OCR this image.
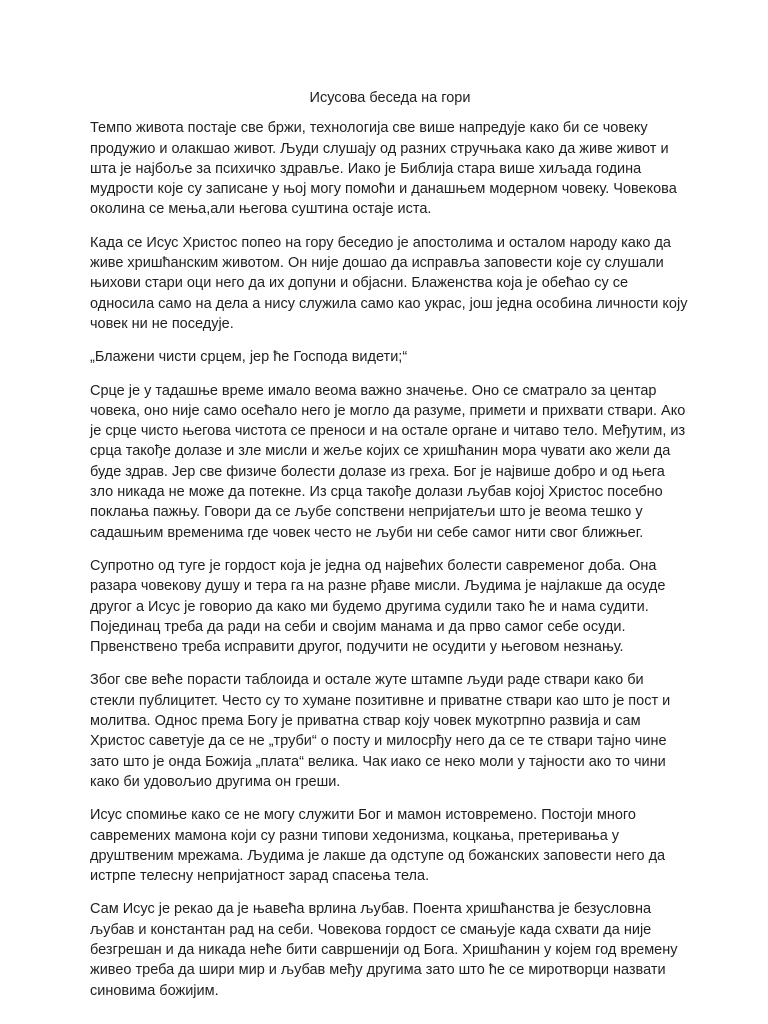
Исусова беседа на гори

Темпо живота постаје све бржи, технологија све више напредује како би се човеку продужио и олакшао живот. Људи слушају од разних стручњака како да живе живот и шта је најбоље за психичко здравље. Иако је Библија стара више хиљада година мудрости које су записане у њој могу помоћи и данашњем модерном човеку. Човекова околина се мења,али његова суштина остаје иста.

Када се Исус Христос попео на гору беседио је апостолима и осталом народу како да живе хришћанским животом. Он није дошао да исправља заповести које су слушали њихови стари оци него да их допуни и објасни. Блаженства која је обећао су се односила само на дела а нису служила само као украс, још једна особина личности коју човек ни не поседује.

„Блажени чисти срцем, јер ће Господа видети;“

Срце је у тадашње време имало веома важно значење. Оно се сматрало за центар човека, оно није само осећало него је могло да разуме, примети и прихвати ствари. Ако је срце чисто његова чистота се преноси и на остале органе и читаво тело. Међутим, из срца такође долазе и зле мисли и жеље којих се хришћанин мора чувати ако жели да буде здрав. Јер све физиче болести долазе из греха. Бог је највише добро и од њега зло никада не може да потекне. Из срца такође долази љубав којој Христос посебно поклања пажњу. Говори да се љубе сопствени непријатељи што је веома тешко у садашњим временима где човек често не љуби ни себе самог нити свог ближњег.

Супротно од туге је гордост која је једна од највећих болести савременог доба. Она разара човекову душу и тера га на разне рђаве мисли. Људима је најлакше да осуде другог а Исус је говорио да како ми будемо другима судили тако ће и нама судити. Појединац треба да ради на себи и својим манама и да прво самог себе осуди. Првенствено треба исправити другог, подучити не осудити у његовом незнању.

Због све веће порасти таблоида и остале жуте штампе људи раде ствари како би стекли публицитет. Често су то хумане позитивне и приватне ствари као што је пост и молитва. Однос према Богу је приватна ствар коју човек мукотрпно развија и сам Христос саветује да се не „труби“ о посту и милосрђу него да се те ствари тајно чине зато што је онда Божија „плата“ велика. Чак иако се неко моли у тајности ако то чини како би удовољио другима он греши.

Исус спомиње како се не могу служити Бог и мамон истовремено. Постоји много савремених мамона који су разни типови хедонизма, коцкања, претеривања у друштвеним мрежама. Људима је лакше да одступе од божанских заповести него да истрпе телесну непријатност зарад спасења тела.

Сам Исус је рекао да је њавећа врлина љубав. Поента хришћанства је безусловна љубав и константан рад на себи. Човекова гордост се смањује када схвати да није безгрешан и да никада неће бити савршенији од Бога. Хришћанин у којем год времену живео треба да шири мир и љубав међу другима зато што ће се миротворци назвати синовима божијим.
